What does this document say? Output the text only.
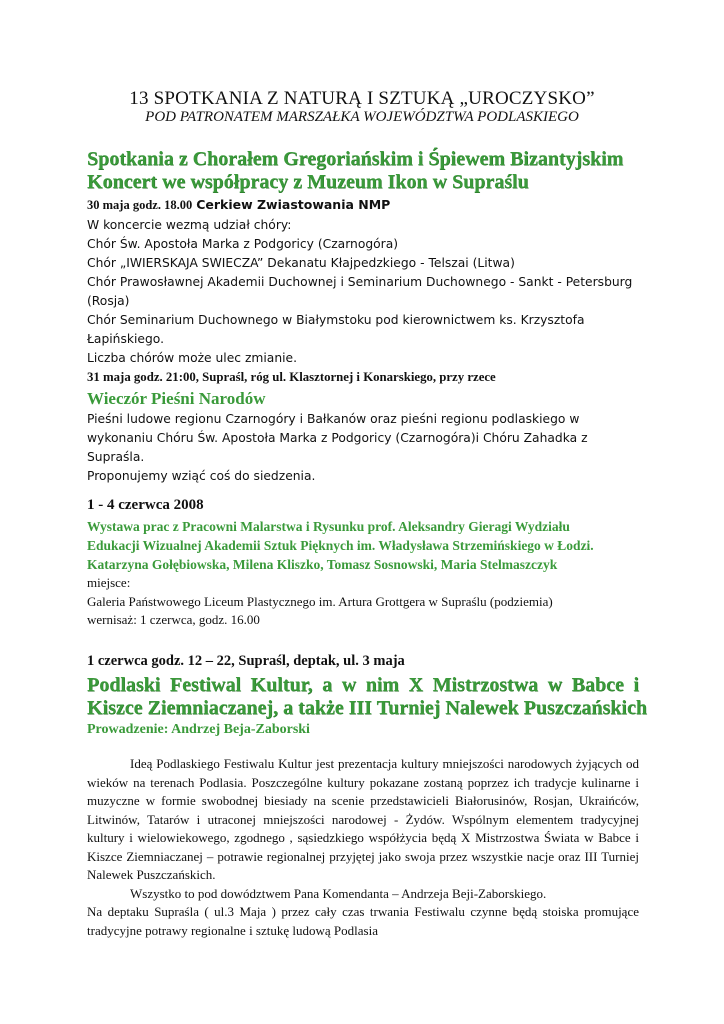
13 SPOTKANIA Z NATURĄ I SZTUKĄ „UROCZYSKO”
POD PATRONATEM MARSZAŁKA WOJEWÓDZTWA PODLASKIEGO
Spotkania z Chorałem Gregoriańskim i Śpiewem Bizantyjskim
Koncert we współpracy z Muzeum Ikon w Supraślu
30 maja godz. 18.00 Cerkiew Zwiastowania NMP
W koncercie wezmą udział chóry:
Chór Św. Apostoła Marka z Podgoricy (Czarnogóra)
Chór „IWIERSKAJA SWIECZA” Dekanatu Kłajpedzkiego - Telszai (Litwa)
Chór Prawosławnej Akademii Duchownej i Seminarium Duchownego - Sankt - Petersburg
(Rosja)
Chór Seminarium Duchownego w Białymstoku pod kierownictwem ks. Krzysztofa
Łapińskiego.
Liczba chórów może ulec zmianie.
31 maja godz. 21:00, Supraśl, róg ul. Klasztornej i Konarskiego, przy rzece
Wieczór Pieśni Narodów
Pieśni ludowe regionu Czarnogóry i Bałkanów oraz pieśni regionu podlaskiego w
wykonaniu Chóru Św. Apostoła Marka z Podgoricy (Czarnogóra)i Chóru Zahadka z
Supraśla.
Proponujemy wziąć coś do siedzenia.
1 - 4 czerwca 2008
Wystawa prac z Pracowni Malarstwa i Rysunku prof. Aleksandry Gieragi Wydziału
Edukacji Wizualnej Akademii Sztuk Pięknych im. Władysława Strzemińskiego w Łodzi.
Katarzyna Gołębiowska, Milena Kliszko, Tomasz Sosnowski, Maria Stelmaszczyk
miejsce:
Galeria Państwowego Liceum Plastycznego im. Artura Grottgera w Supraślu (podziemia)
wernisaż: 1 czerwca, godz. 16.00
1 czerwca godz. 12 – 22, Supraśl, deptak, ul. 3 maja
Podlaski Festiwal Kultur, a w nim X Mistrzostwa w Babce i
Kiszce Ziemniaczanej, a także III Turniej Nalewek Puszczańskich
Prowadzenie: Andrzej Beja-Zaborski
Ideą Podlaskiego Festiwalu Kultur jest prezentacja kultury mniejszości narodowych żyjących od wieków na terenach Podlasia. Poszczególne kultury pokazane zostaną poprzez ich tradycje kulinarne i muzyczne w formie swobodnej biesiady na scenie przedstawicieli Białorusinów, Rosjan, Ukraińców, Litwinów, Tatarów i utraconej mniejszości narodowej - Żydów. Wspólnym elementem tradycyjnej kultury i wielowiekowego, zgodnego , sąsiedzkiego współżycia będą X Mistrzostwa Świata w Babce i Kiszce Ziemniaczanej – potrawie regionalnej przyjętej jako swoja przez wszystkie nacje oraz III Turniej Nalewek Puszczańskich.
Wszystko to pod dowództwem Pana Komendanta – Andrzeja Beji-Zaborskiego.
Na deptaku Supraśla ( ul.3 Maja ) przez cały czas trwania Festiwalu czynne będą stoiska promujące tradycyjne potrawy regionalne i sztukę ludową Podlasia
